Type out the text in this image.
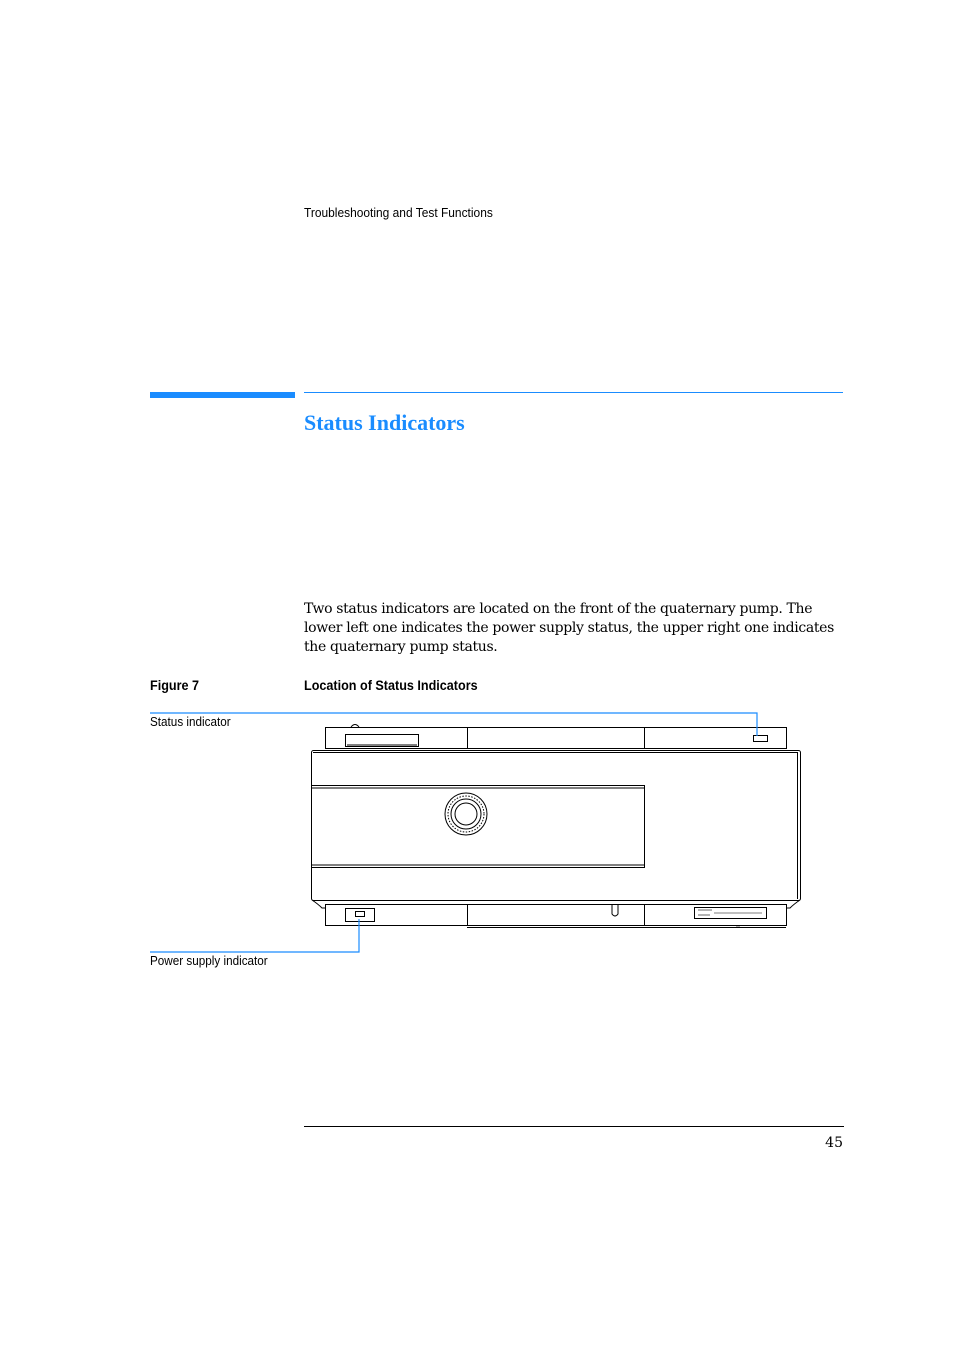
Troubleshooting and Test Functions
Status Indicators
Two status indicators are located on the front of the quaternary pump. The lower left one indicates the power supply status, the upper right one indicates the quaternary pump status.
Figure 7	Location of Status Indicators
Status indicator
Power supply indicator
45
